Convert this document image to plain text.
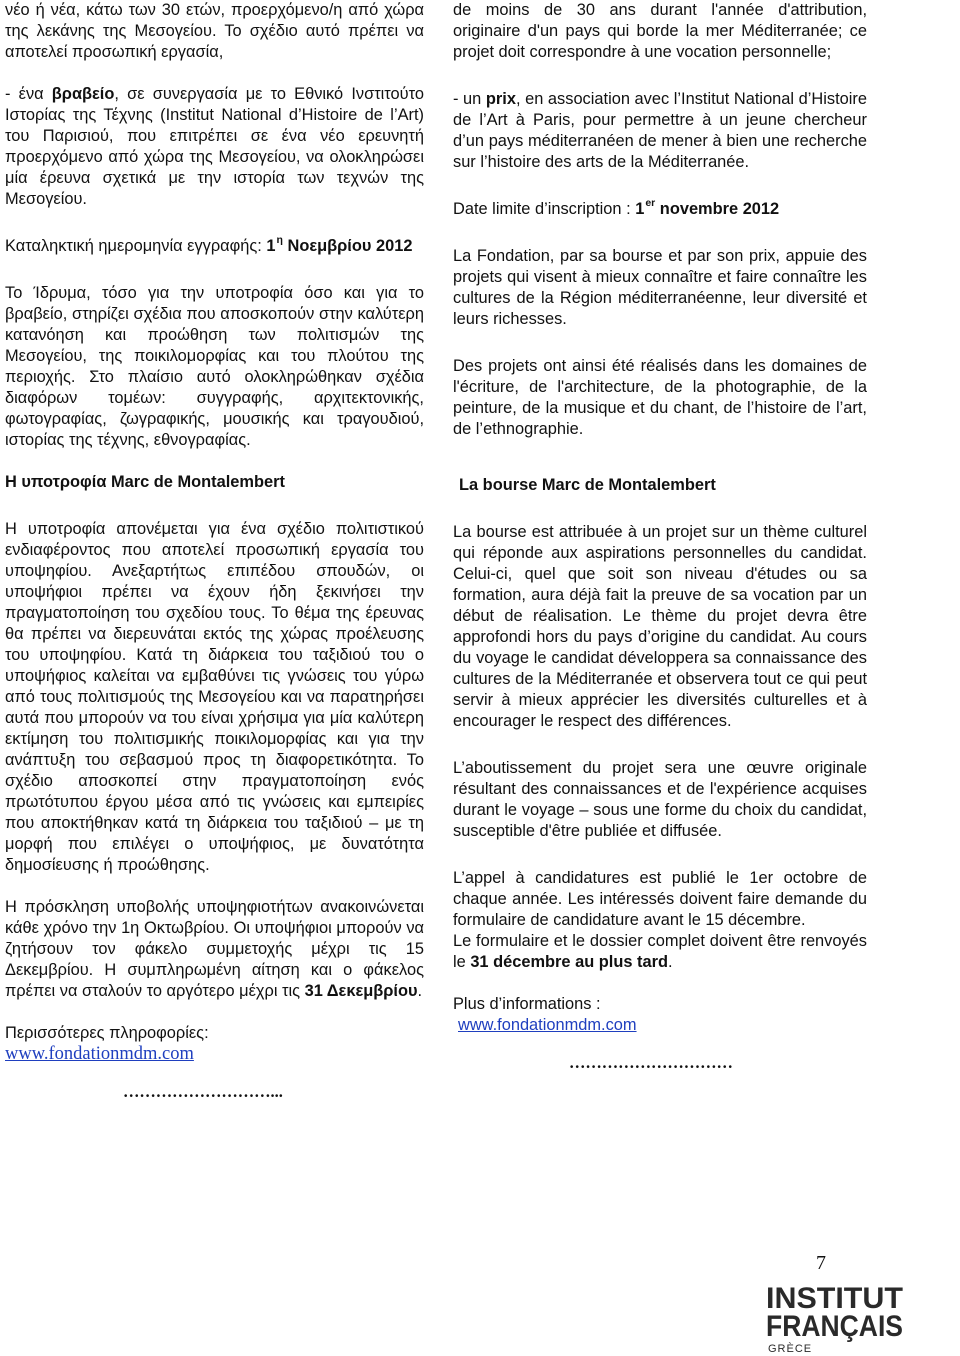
νέο ή νέα, κάτω των 30 ετών, προερχόμενο/η από χώρα της λεκάνης της Μεσογείου. Το σχέδιο αυτό πρέπει να αποτελεί προσωπική εργασία,

- ένα βραβείο, σε συνεργασία με το Εθνικό Ινστιτούτο Ιστορίας της Τέχνης (Institut National d’Histoire de l’Art) του Παρισιού, που επιτρέπει σε ένα νέο ερευνητή προερχόμενο από χώρα της Μεσογείου, να ολοκληρώσει μία έρευνα σχετικά με την ιστορία των τεχνών της Μεσογείου.

Καταληκτική ημερομηνία εγγραφής: $1^\eta$ Νοεμβρίου 2012

Το Ίδρυμα, τόσο για την υποτροφία όσο και για το βραβείο, στηρίζει σχέδια που αποσκοπούν στην καλύτερη κατανόηση και προώθηση των πολιτισμών της Μεσογείου, της ποικιλομορφίας και του πλούτου της περιοχής. Στο πλαίσιο αυτό ολοκληρώθηκαν σχέδια διαφόρων τομέων: συγγραφής, αρχιτεκτονικής, φωτογραφίας, ζωγραφικής, μουσικής και τραγουδιού, ιστορίας της τέχνης, εθνογραφίας.

Η υποτροφία Marc de Montalembert

Η υποτροφία απονέμεται για ένα σχέδιο πολιτιστικού ενδιαφέροντος που αποτελεί προσωπική εργασία του υποψηφίου. Ανεξαρτήτως επιπέδου σπουδών, οι υποψήφιοι πρέπει να έχουν ήδη ξεκινήσει την πραγματοποίηση του σχεδίου τους. Το θέμα της έρευνας θα πρέπει να διερευνάται εκτός της χώρας προέλευσης του υποψηφίου. Κατά τη διάρκεια του ταξιδιού του ο υποψήφιος καλείται να εμβαθύνει τις γνώσεις του γύρω από τους πολιτισμούς της Μεσογείου και να παρατηρήσει αυτά που μπορούν να του είναι χρήσιμα για μία καλύτερη εκτίμηση του πολιτισμικής ποικιλομορφίας και για την ανάπτυξη του σεβασμού προς τη διαφορετικότητα. Το σχέδιο αποσκοπεί στην πραγματοποίηση ενός πρωτότυπου έργου μέσα από τις γνώσεις και εμπειρίες που αποκτήθηκαν κατά τη διάρκεια του ταξιδιού – με τη μορφή που επιλέγει ο υποψήφιος, με δυνατότητα δημοσίευσης ή προώθησης.

Η πρόσκληση υποβολής υποψηφιοτήτων ανακοινώνεται κάθε χρόνο την 1η Οκτωβρίου. Οι υποψήφιοι μπορούν να ζητήσουν τον φάκελο συμμετοχής μέχρι τις 15 Δεκεμβρίου. Η συμπληρωμένη αίτηση και ο φάκελος πρέπει να σταλούν το αργότερο μέχρι τις 31 Δεκεμβρίου.

Περισσότερες πληροφορίες:

www.fondationmdm.com

………………………...

de moins de 30 ans durant l'année d'attribution, originaire d'un pays qui borde la mer Méditerranée; ce projet doit correspondre à une vocation personnelle;

- un prix, en association avec l’Institut National d’Histoire de l’Art à Paris, pour permettre à un jeune chercheur d’un pays méditerranéen de mener à bien une recherche sur l’histoire des arts de la Méditerranée.

Date limite d’inscription : 1er novembre 2012

La Fondation, par sa bourse et par son prix, appuie des projets qui visent à mieux connaître et faire connaître les cultures de la Région méditerranéenne, leur diversité et leurs richesses.

Des projets ont ainsi été réalisés dans les domaines de l'écriture, de l'architecture, de la photographie, de la peinture, de la musique et du chant, de l’histoire de l’art, de l’ethnographie.

La bourse Marc de Montalembert

La bourse est attribuée à un projet sur un thème culturel qui réponde aux aspirations personnelles du candidat. Celui-ci, quel que soit son niveau d'études ou sa formation, aura déjà fait la preuve de sa vocation par un début de réalisation. Le thème du projet devra être approfondi hors du pays d’origine du candidat. Au cours du voyage le candidat développera sa connaissance des cultures de la Méditerranée et observera tout ce qui peut servir à mieux apprécier les diversités culturelles et à encourager le respect des différences.

L’aboutissement du projet sera une œuvre originale résultant des connaissances et de l'expérience acquises durant le voyage – sous une forme du choix du candidat, susceptible d'être publiée et diffusée.

L’appel à candidatures est publié le 1er octobre de chaque année. Les intéressés doivent faire demande du formulaire de candidature avant le 15 décembre.

Le formulaire et le dossier complet doivent être renvoyés le 31 décembre au plus tard.

Plus d’informations :

www.fondationmdm.com

…………………………

7
INSTITUT
FRANÇAIS
GRÈCE
